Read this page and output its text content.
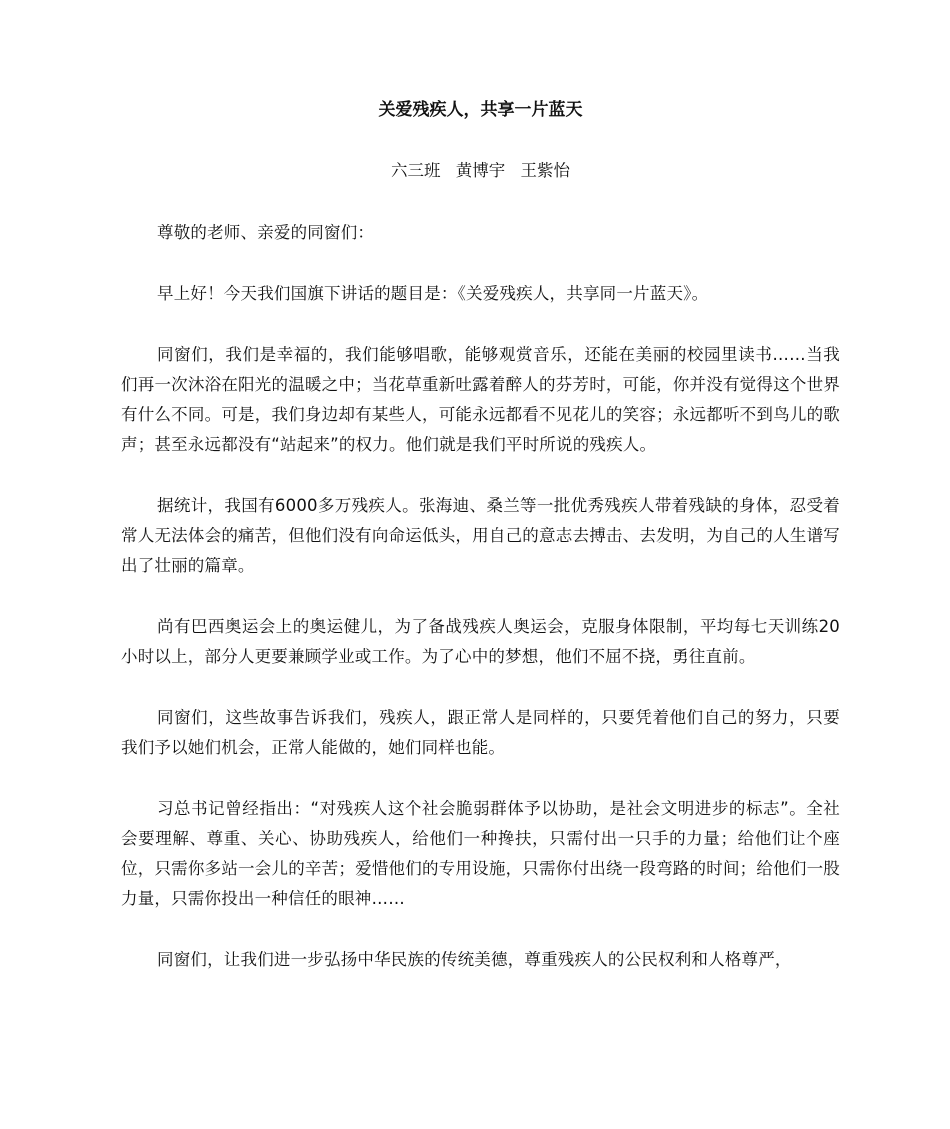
关爱残疾人，共享一片蓝天
六三班 黄博宇 王紫怡

尊敬的老师、亲爱的同窗们：

早上好！今天我们国旗下讲话的题目是：《关爱残疾人，共享同一片蓝天》。

同窗们，我们是幸福的，我们能够唱歌，能够观赏音乐，还能在美丽的校园里读书……当我们再一次沐浴在阳光的温暖之中；当花草重新吐露着醉人的芬芳时，可能，你并没有觉得这个世界有什么不同。可是，我们身边却有某些人，可能永远都看不见花儿的笑容；永远都听不到鸟儿的歌声；甚至永远都没有“站起来”的权力。他们就是我们平时所说的残疾人。

据统计，我国有6000多万残疾人。张海迪、桑兰等一批优秀残疾人带着残缺的身体，忍受着常人无法体会的痛苦，但他们没有向命运低头，用自己的意志去搏击、去发明，为自己的人生谱写出了壮丽的篇章。

尚有巴西奥运会上的奥运健儿，为了备战残疾人奥运会，克服身体限制，平均每七天训练20小时以上，部分人更要兼顾学业或工作。为了心中的梦想，他们不屈不挠，勇往直前。

同窗们，这些故事告诉我们，残疾人，跟正常人是同样的，只要凭着他们自己的努力，只要我们予以她们机会，正常人能做的，她们同样也能。

习总书记曾经指出：“对残疾人这个社会脆弱群体予以协助，是社会文明进步的标志”。全社会要理解、尊重、关心、协助残疾人，给他们一种搀扶，只需付出一只手的力量；给他们让个座位，只需你多站一会儿的辛苦；爱惜他们的专用设施，只需你付出绕一段弯路的时间；给他们一股力量，只需你投出一种信任的眼神……

同窗们，让我们进一步弘扬中华民族的传统美德，尊重残疾人的公民权利和人格尊严，
